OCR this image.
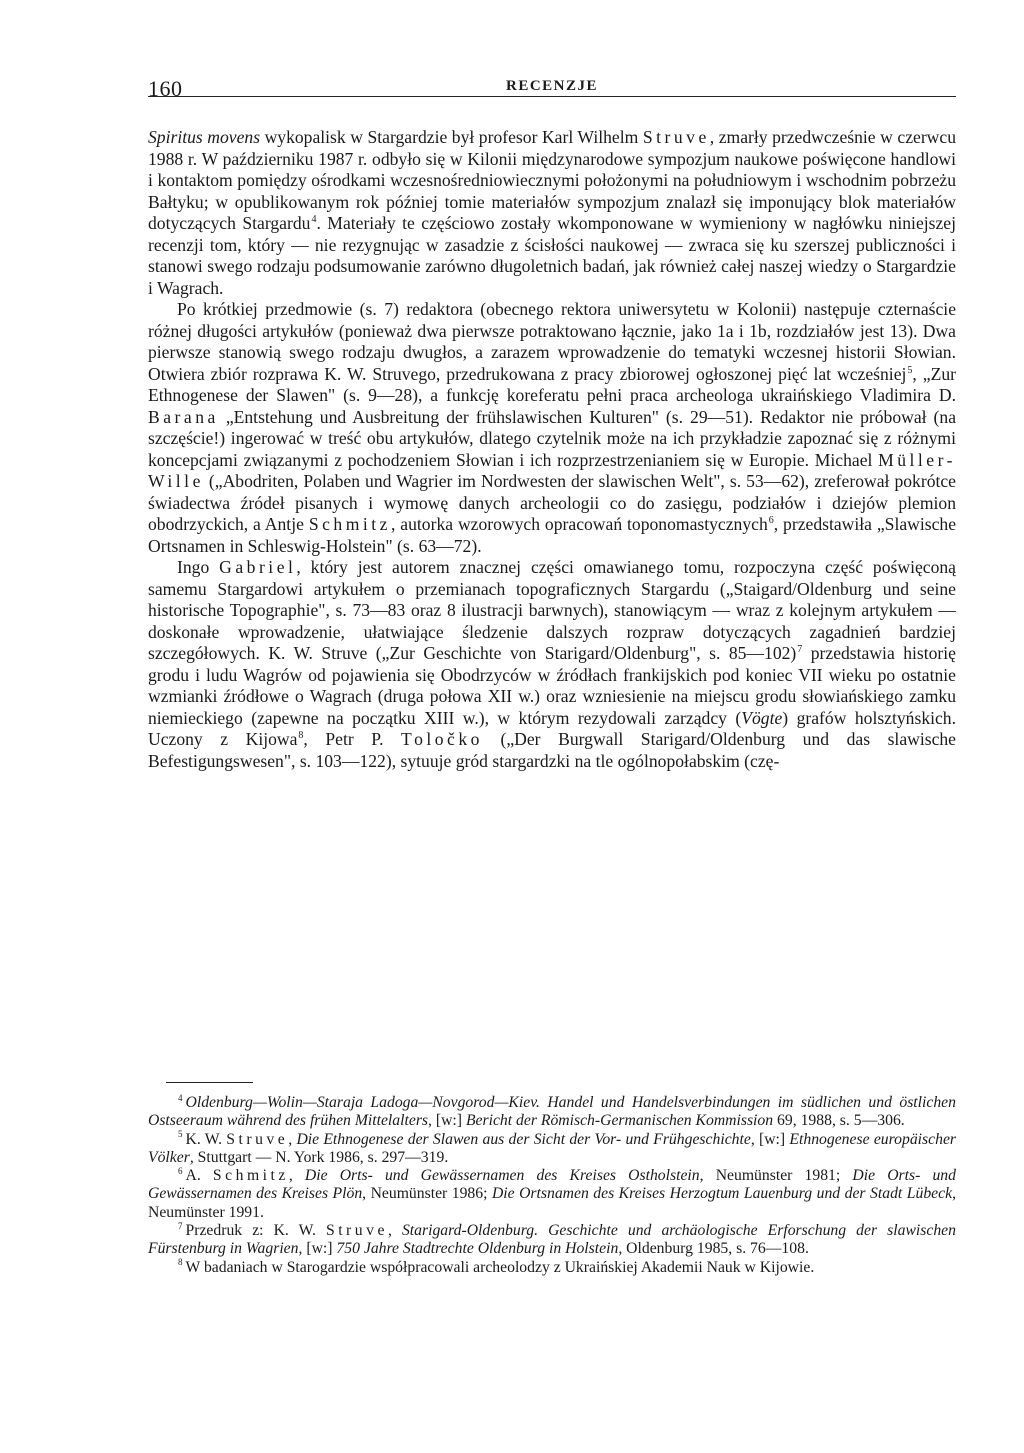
160	RECENZJE

Spiritus movens wykopalisk w Stargardzie był profesor Karl Wilhelm Struve, zmarły przedwcześnie w czerwcu 1988 r. W październiku 1987 r. odbyło się w Kilonii międzynarodowe sympozjum naukowe poświęcone handlowi i kontaktom pomiędzy ośrodkami wczesnośredniowiecznymi położonymi na południowym i wschodnim pobrzeżu Bałtyku; w opublikowanym rok później tomie materiałów sympozjum znalazł się imponujący blok materiałów dotyczących Stargardu$^4$. Materiały te częściowo zostały wkomponowane w wymieniony w nagłówku niniejszej recenzji tom, który — nie rezygnując w zasadzie z ścisłości naukowej — zwraca się ku szerszej publiczności i stanowi swego rodzaju podsumowanie zarówno długoletnich badań, jak również całej naszej wiedzy o Stargardzie i Wagrach.

Po krótkiej przedmowie (s. 7) redaktora (obecnego rektora uniwersytetu w Kolonii) następuje czternaście różnej długości artykułów (ponieważ dwa pierwsze potraktowano łącznie, jako 1a i 1b, rozdziałów jest 13). Dwa pierwsze stanowią swego rodzaju dwugłos, a zarazem wprowadzenie do tematyki wczesnej historii Słowian. Otwiera zbiór rozprawa K. W. Struvego, przedrukowana z pracy zbiorowej ogłoszonej pięć lat wcześniej$^5$, „Zur Ethnogenese der Slawen" (s. 9—28), a funkcję koreferatu pełni praca archeologa ukraińskiego Vladimira D. Barana „Entstehung und Ausbreitung der frühslawischen Kulturen" (s. 29—51). Redaktor nie próbował (na szczęście!) ingerować w treść obu artykułów, dlatego czytelnik może na ich przykładzie zapoznać się z różnymi koncepcjami związanymi z pochodzeniem Słowian i ich rozprzestrzenianiem się w Europie. Michael Müller-Wille („Abodriten, Polaben und Wagrier im Nordwesten der slawischen Welt", s. 53—62), zreferował pokrótce świadectwa źródeł pisanych i wymowę danych archeologii co do zasięgu, podziałów i dziejów plemion obodrzyckich, a Antje Schmitz, autorka wzorowych opracowań toponomastycznych$^6$, przedstawiła „Slawische Ortsnamen in Schleswig-Holstein" (s. 63—72).

Ingo Gabriel, który jest autorem znacznej części omawianego tomu, rozpoczyna część poświęconą samemu Stargardowi artykułem o przemianach topograficznych Stargardu („Staigard/Oldenburg und seine historische Topographie", s. 73—83 oraz 8 ilustracji barwnych), stanowiącym — wraz z kolejnym artykułem — doskonałe wprowadzenie, ułatwiające śledzenie dalszych rozpraw dotyczących zagadnień bardziej szczegółowych. K. W. Struve („Zur Geschichte von Starigard/Oldenburg", s. 85—102)$^7$ przedstawia historię grodu i ludu Wagrów od pojawienia się Obodrzyców w źródłach frankijskich pod koniec VII wieku po ostatnie wzmianki źródłowe o Wagrach (druga połowa XII w.) oraz wzniesienie na miejscu grodu słowiańskiego zamku niemieckiego (zapewne na początku XIII w.), w którym rezydowali zarządcy (Vögte) grafów holsztyńskich. Uczony z Kijowa$^8$, Petr P. Toločko („Der Burgwall Starigard/Oldenburg und das slawische Befestigungswesen", s. 103—122), sytuuje gród stargardzki na tle ogólnopołabskim (czę-

$^4$ Oldenburg—Wolin—Staraja Ladoga—Novgorod—Kiev. Handel und Handelsverbindungen im südlichen und östlichen Ostseeraum während des frühen Mittelalters, [w:] Bericht der Römisch-Germanischen Kommission 69, 1988, s. 5—306.

$^5$ K. W. Struve, Die Ethnogenese der Slawen aus der Sicht der Vor- und Frühgeschichte, [w:] Ethnogenese europäischer Völker, Stuttgart — N. York 1986, s. 297—319.

$^6$ A. Schmitz, Die Orts- und Gewässernamen des Kreises Ostholstein, Neumünster 1981; Die Orts- und Gewässernamen des Kreises Plön, Neumünster 1986; Die Ortsnamen des Kreises Herzogtum Lauenburg und der Stadt Lübeck, Neumünster 1991.

$^7$ Przedruk z: K. W. Struve, Starigard-Oldenburg. Geschichte und archäologische Erforschung der slawischen Fürstenburg in Wagrien, [w:] 750 Jahre Stadtrechte Oldenburg in Holstein, Oldenburg 1985, s. 76—108.

$^8$ W badaniach w Starogardzie współpracowali archeolodzy z Ukraińskiej Akademii Nauk w Kijowie.
